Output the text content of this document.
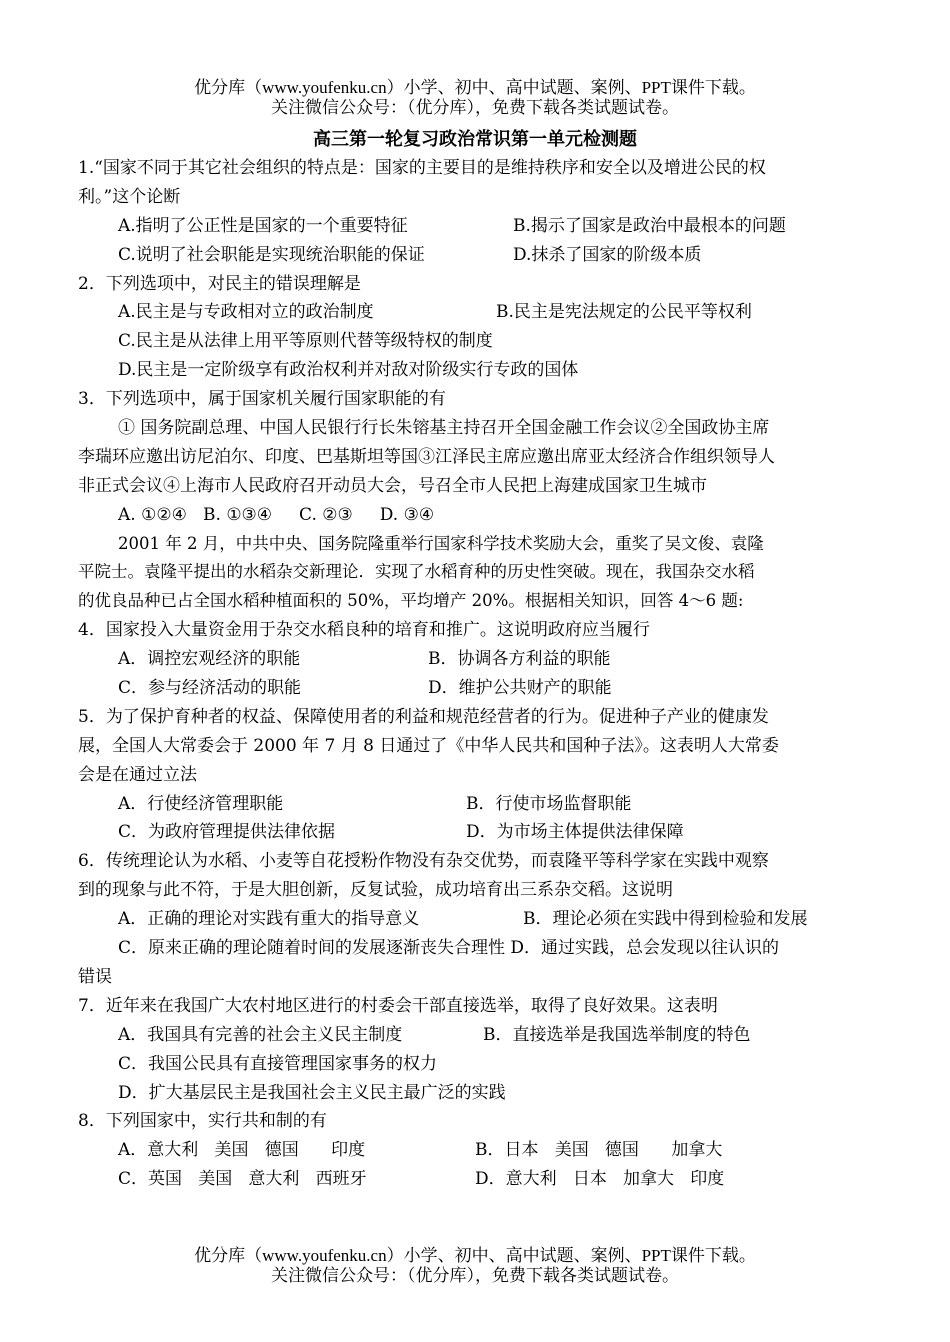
优分库（www.youfenku.cn）小学、初中、高中试题、案例、PPT课件下载。
关注微信公众号：（优分库），免费下载各类试题试卷。
高三第一轮复习政治常识第一单元检测题
1.“国家不同于其它社会组织的特点是：国家的主要目的是维持秩序和安全以及增进公民的权
利。”这个论断
A.指明了公正性是国家的一个重要特征	B.揭示了国家是政治中最根本的问题
C.说明了社会职能是实现统治职能的保证	D.抹杀了国家的阶级本质
2．下列选项中，对民主的错误理解是
A.民主是与专政相对立的政治制度	B.民主是宪法规定的公民平等权利
C.民主是从法律上用平等原则代替等级特权的制度
D.民主是一定阶级享有政治权利并对敌对阶级实行专政的国体
3．下列选项中，属于国家机关履行国家职能的有
① 国务院副总理、中国人民银行行长朱镕基主持召开全国金融工作会议②全国政协主席
李瑞环应邀出访尼泊尔、印度、巴基斯坦等国③江泽民主席应邀出席亚太经济合作组织领导人
非正式会议④上海市人民政府召开动员大会，号召全市人民把上海建成国家卫生城市
A. ①②④   B. ①③④     C. ②③     D. ③④
2001 年 2 月，中共中央、国务院隆重举行国家科学技术奖励大会，重奖了吴文俊、袁隆
平院士。袁隆平提出的水稻杂交新理论．实现了水稻育种的历史性突破。现在，我国杂交水稻
的优良品种已占全国水稻种植面积的 50%，平均增产 20%。根据相关知识，回答 4～6 题:
4．国家投入大量资金用于杂交水稻良种的培育和推广。这说明政府应当履行
A．调控宏观经济的职能	B．协调各方利益的职能
C．参与经济活动的职能	D．维护公共财产的职能
5．为了保护育种者的权益、保障使用者的利益和规范经营者的行为。促进种子产业的健康发
展，全国人大常委会于 2000 年 7 月 8 日通过了《中华人民共和国种子法》。这表明人大常委
会是在通过立法
A．行使经济管理职能	B．行使市场监督职能
C．为政府管理提供法律依据	D．为市场主体提供法律保障
6．传统理论认为水稻、小麦等自花授粉作物没有杂交优势，而袁隆平等科学家在实践中观察
到的现象与此不符，于是大胆创新，反复试验，成功培育出三系杂交稻。这说明
A．正确的理论对实践有重大的指导意义	B．理论必须在实践中得到检验和发展
C．原来正确的理论随着时间的发展逐渐丧失合理性 D．通过实践，总会发现以往认识的
错误
7．近年来在我国广大农村地区进行的村委会干部直接选举，取得了良好效果。这表明
A．我国具有完善的社会主义民主制度	B．直接选举是我国选举制度的特色
C．我国公民具有直接管理国家事务的权力
D．扩大基层民主是我国社会主义民主最广泛的实践
8．下列国家中，实行共和制的有
A．意大利   美国   德国      印度	B．日本   美国   德国      加拿大
C．英国   美国   意大利   西班牙	D．意大利   日本   加拿大   印度
优分库（www.youfenku.cn）小学、初中、高中试题、案例、PPT课件下载。
关注微信公众号：（优分库），免费下载各类试题试卷。
